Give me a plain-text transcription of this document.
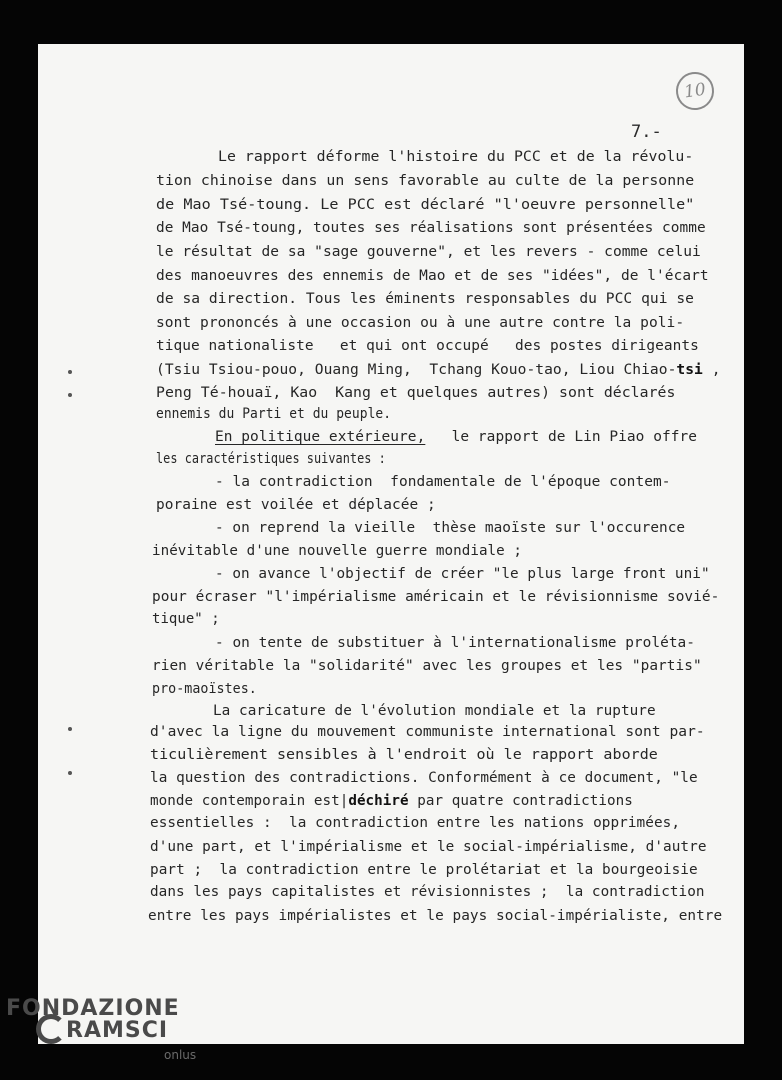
10
7.-
Le rapport déforme l'histoire du PCC et de la révolu-
tion chinoise dans un sens favorable au culte de la personne
de Mao Tsé-toung. Le PCC est déclaré "l'oeuvre personnelle"
de Mao Tsé-toung, toutes ses réalisations sont présentées comme
le résultat de sa "sage gouverne", et les revers - comme celui
des manoeuvres des ennemis de Mao et de ses "idées", de l'écart
de sa direction. Tous les éminents responsables du PCC qui se
sont prononcés à une occasion ou à une autre contre la poli-
tique nationaliste   et qui ont occupé   des postes dirigeants
(Tsiu Tsiou-pouo, Ouang Ming,  Tchang Kouo-tao, Liou Chiao-tsi ,
Peng Té-houaï, Kao  Kang et quelques autres) sont déclarés
ennemis du Parti et du peuple.
En politique extérieure,   le rapport de Lin Piao offre
les caractéristiques suivantes :
- la contradiction  fondamentale de l'époque contem-
poraine est voilée et déplacée ;
- on reprend la vieille  thèse maoïste sur l'occurence
inévitable d'une nouvelle guerre mondiale ;
- on avance l'objectif de créer "le plus large front uni"
pour écraser "l'impérialisme américain et le révisionnisme sovié-
tique" ;
- on tente de substituer à l'internationalisme prolétа-
rien véritable la "solidarité" avec les groupes et les "partis"
pro-maoïstes.
La caricature de l'évolution mondiale et la rupture
d'avec la ligne du mouvement communiste international sont par-
ticulièrement sensibles à l'endroit où le rapport aborde
la question des contradictions. Conformément à ce document, "le
monde contemporain est|déchiré par quatre contradictions
essentielles :  la contradiction entre les nations opprimées,
d'une part, et l'impérialisme et le social-impérialisme, d'autre
part ;  la contradiction entre le prolétariat et la bourgeoisie
dans les pays capitalistes et révisionnistes ;  la contradiction
entre les pays impérialistes et le pays social-impérialiste, entre
FONDAZIONE
RAMSCI
onlus
